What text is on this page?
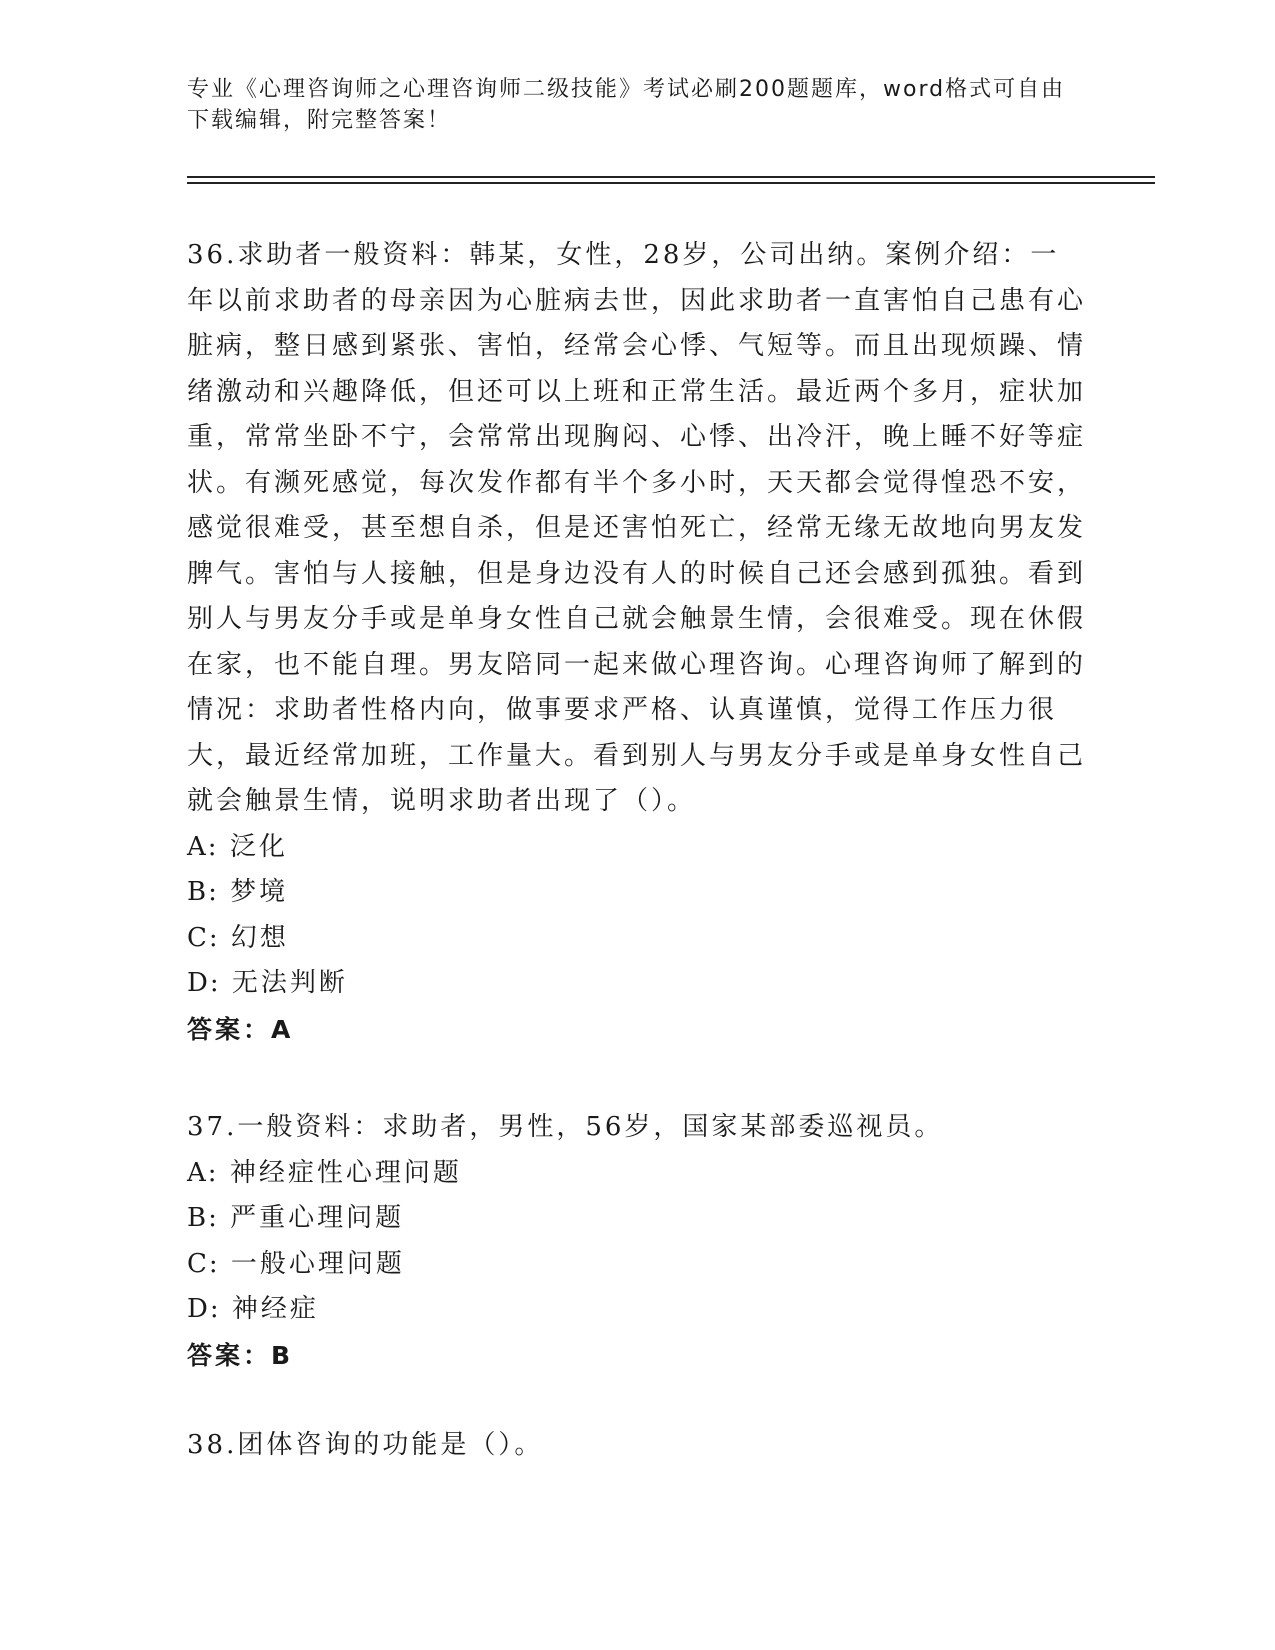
专业《心理咨询师之心理咨询师二级技能》考试必刷200题题库，word格式可自由下载编辑，附完整答案！

36.求助者一般资料：韩某，女性，28岁，公司出纳。案例介绍：一年以前求助者的母亲因为心脏病去世，因此求助者一直害怕自己患有心脏病，整日感到紧张、害怕，经常会心悸、气短等。而且出现烦躁、情绪激动和兴趣降低，但还可以上班和正常生活。最近两个多月，症状加重，常常坐卧不宁，会常常出现胸闷、心悸、出冷汗，晚上睡不好等症状。有濒死感觉，每次发作都有半个多小时，天天都会觉得惶恐不安，感觉很难受，甚至想自杀，但是还害怕死亡，经常无缘无故地向男友发脾气。害怕与人接触，但是身边没有人的时候自己还会感到孤独。看到别人与男友分手或是单身女性自己就会触景生情，会很难受。现在休假在家，也不能自理。男友陪同一起来做心理咨询。心理咨询师了解到的情况：求助者性格内向，做事要求严格、认真谨慎，觉得工作压力很大，最近经常加班，工作量大。看到别人与男友分手或是单身女性自己就会触景生情，说明求助者出现了（）。

A: 泛化

B: 梦境

C: 幻想

D: 无法判断

答案：A

37.一般资料：求助者，男性，56岁，国家某部委巡视员。

A: 神经症性心理问题

B: 严重心理问题

C: 一般心理问题

D: 神经症

答案：B

38.团体咨询的功能是（）。
